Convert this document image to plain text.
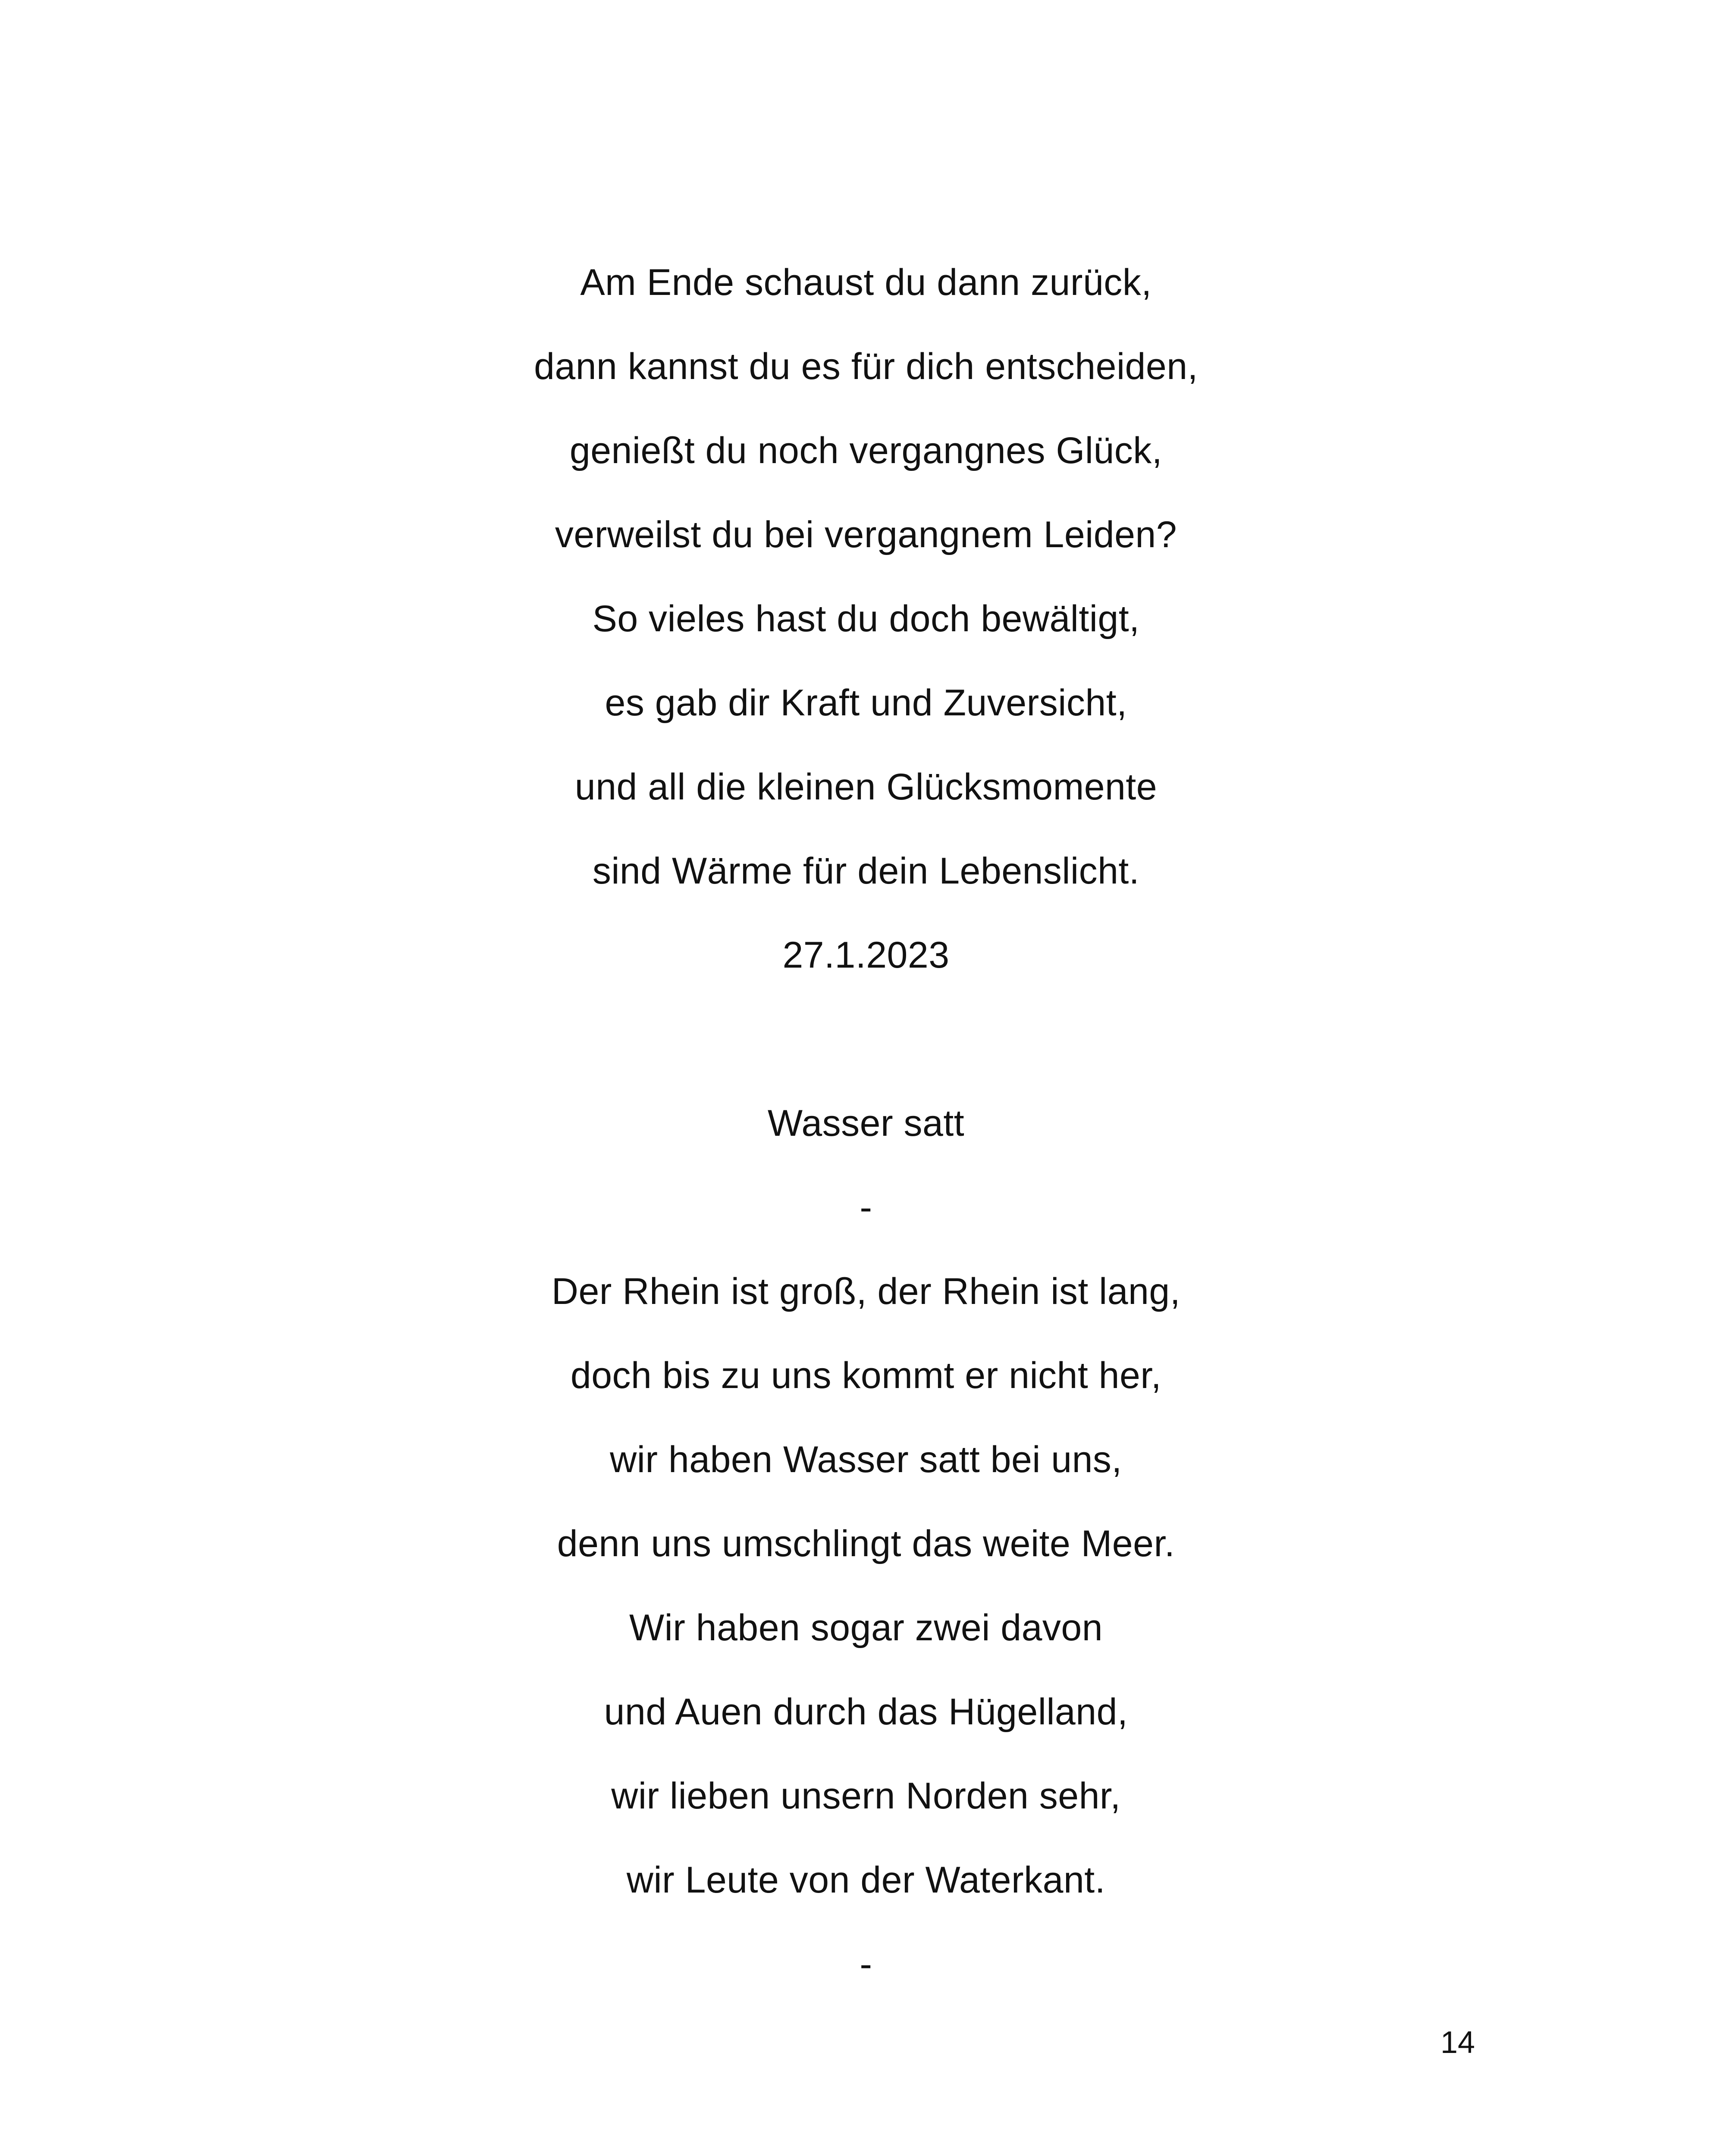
Am Ende schaust du dann zurück,
dann kannst du es für dich entscheiden,
genießt du noch vergangnes Glück,
verweilst du bei vergangnem Leiden?
So vieles hast du doch bewältigt,
es gab dir Kraft und Zuversicht,
und all die kleinen Glücksmomente
sind Wärme für dein Lebenslicht.
27.1.2023
Wasser satt
-
Der Rhein ist groß, der Rhein ist lang,
doch bis zu uns kommt er nicht her,
wir haben Wasser satt bei uns,
denn uns umschlingt das weite Meer.
Wir haben sogar zwei davon
und Auen durch das Hügelland,
wir lieben unsern Norden sehr,
wir Leute von der Waterkant.
-
14
